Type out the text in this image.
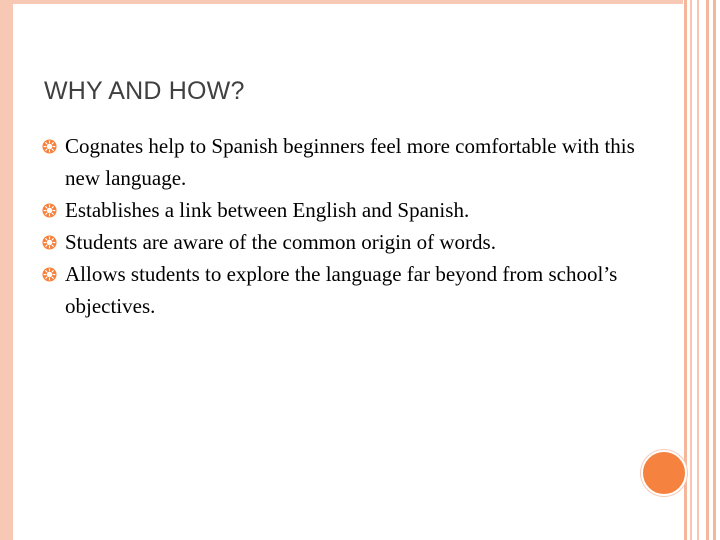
WHY AND HOW?
Cognates help to Spanish beginners feel more comfortable with this new language.
Establishes a link between English and Spanish.
Students are aware of the common origin of words.
Allows students to explore the language far beyond from school’s objectives.
